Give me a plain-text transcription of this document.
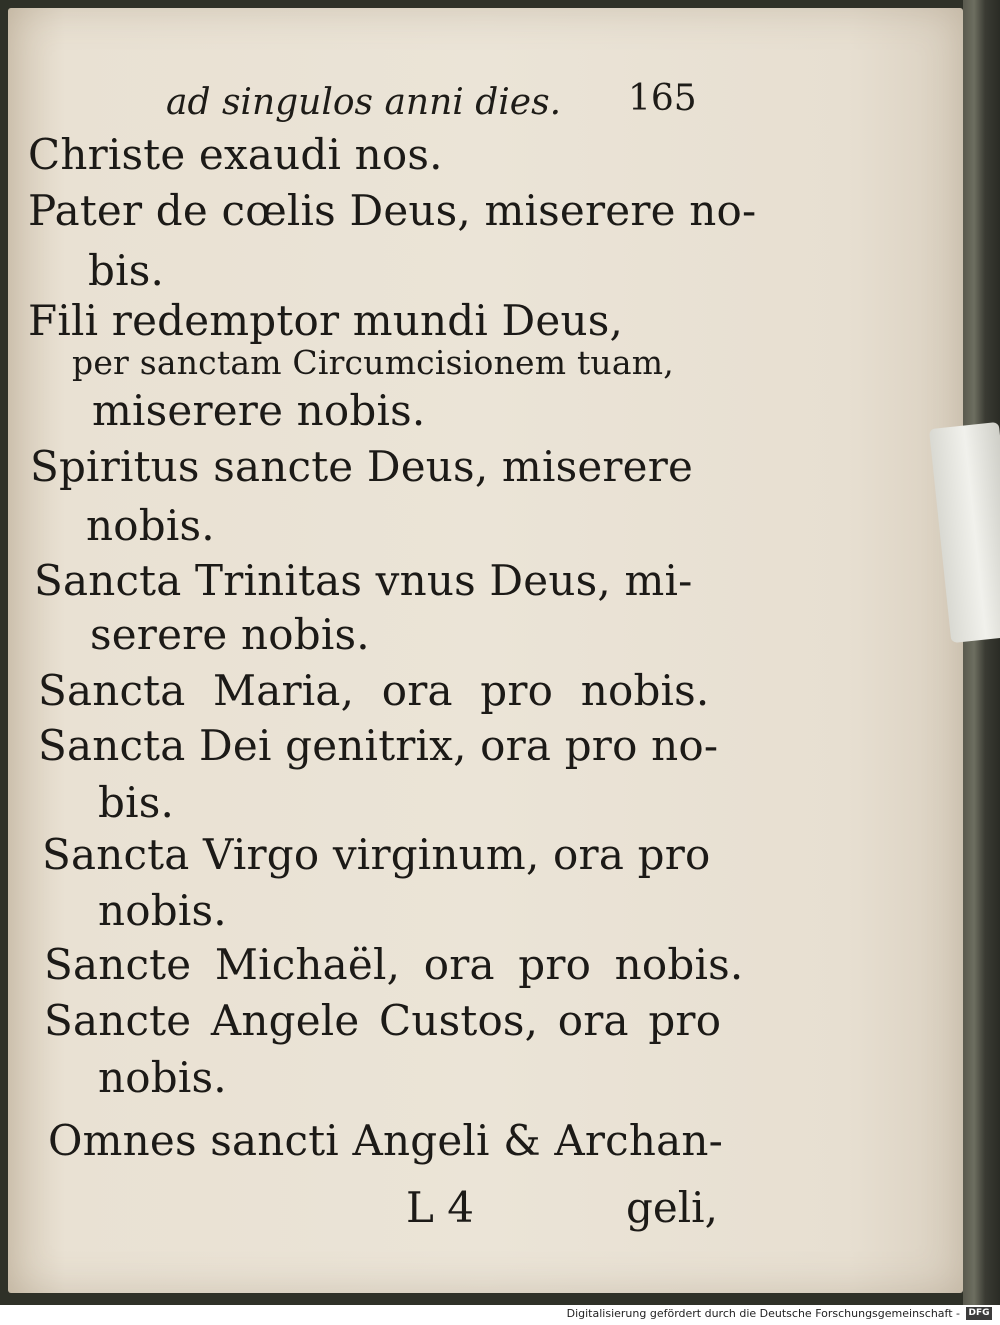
ad singulos anni dies. 165
Christe exaudi nos.
Pater de cœlis Deus, miserere no-
bis.
Fili redemptor mundi Deus,
per sanctam Circumcisionem tuam,
miserere nobis.
Spiritus sancte Deus, miserere
nobis.
Sancta Trinitas vnus Deus, mi-
serere nobis.
Sancta Maria, ora pro nobis.
Sancta Dei genitrix, ora pro no-
bis.
Sancta Virgo virginum, ora pro
nobis.
Sancte Michaël, ora pro nobis.
Sancte Angele Custos, ora pro
nobis.
Omnes sancti Angeli & Archan-
L 4	geli,
Digitalisierung gefördert durch die Deutsche Forschungsgemeinschaft - DFG
